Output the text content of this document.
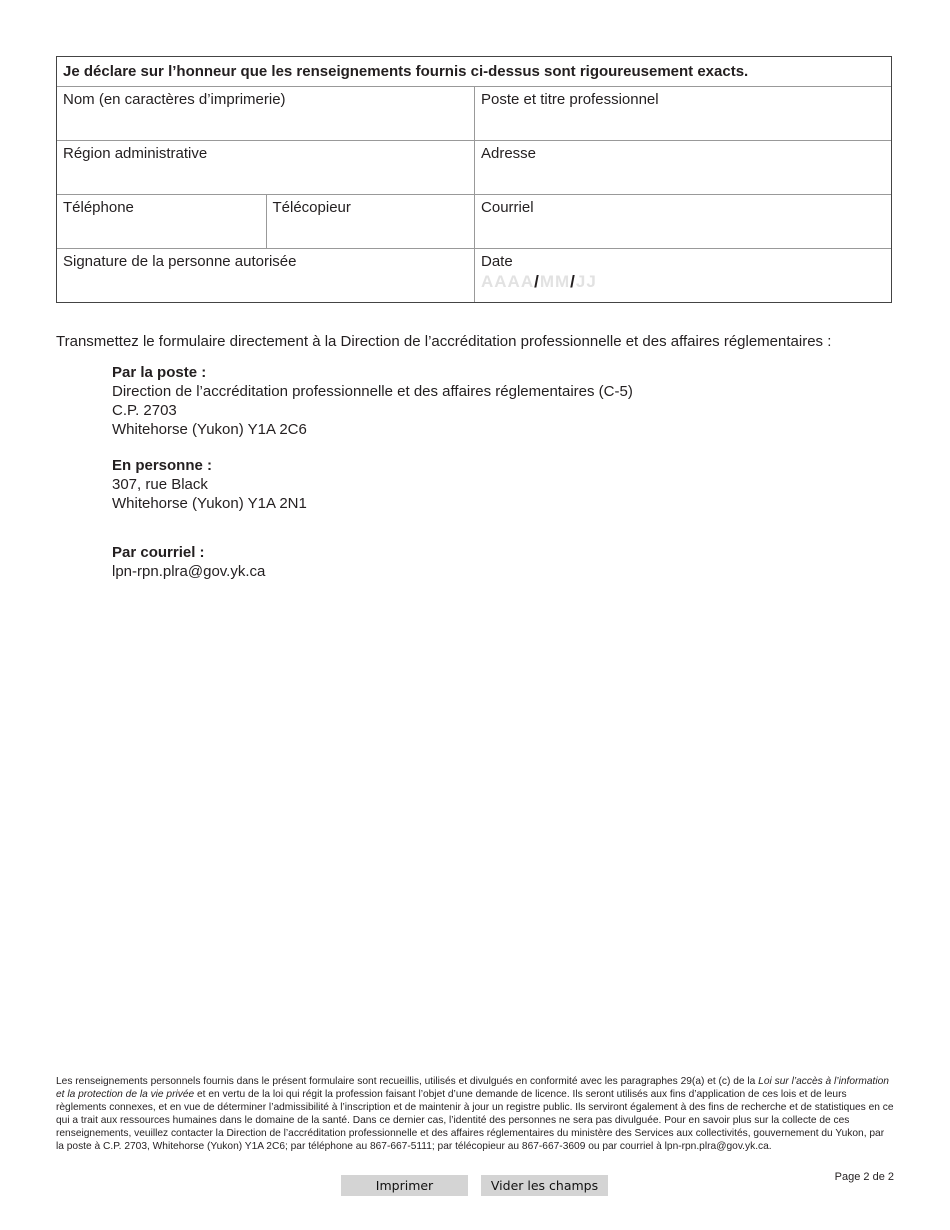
Je déclare sur l’honneur que les renseignements fournis ci-dessus sont rigoureusement exacts.
Nom (en caractères d’imprimerie)	Poste et titre professionnel
Région administrative	Adresse
Téléphone	Télécopieur	Courriel
Signature de la personne autorisée	Date
AAAA/MM/JJ

Transmettez le formulaire directement à la Direction de l’accréditation professionnelle et des affaires réglementaires :

Par la poste :
Direction de l’accréditation professionnelle et des affaires réglementaires (C-5)
C.P. 2703
Whitehorse (Yukon) Y1A 2C6
En personne :
307, rue Black
Whitehorse (Yukon) Y1A 2N1
Par courriel :
lpn-rpn.plra@gov.yk.ca

Les renseignements personnels fournis dans le présent formulaire sont recueillis, utilisés et divulgués en conformité avec les paragraphes 29(a) et (c) de la Loi sur l’accès à l’information et la protection de la vie privée et en vertu de la loi qui régit la profession faisant l’objet d’une demande de licence. Ils seront utilisés aux fins d’application de ces lois et de leurs règlements connexes, et en vue de déterminer l’admissibilité à l’inscription et de maintenir à jour un registre public. Ils serviront également à des fins de recherche et de statistiques en ce qui a trait aux ressources humaines dans le domaine de la santé. Dans ce dernier cas, l’identité des personnes ne sera pas divulguée. Pour en savoir plus sur la collecte de ces renseignements, veuillez contacter la Direction de l’accréditation professionnelle et des affaires réglementaires du ministère des Services aux collectivités, gouvernement du Yukon, par la poste à C.P. 2703, Whitehorse (Yukon) Y1A 2C6; par téléphone au 867-667-5111; par télécopieur au 867-667-3609 ou par courriel à lpn-rpn.plra@gov.yk.ca.

Imprimer	Vider les champs
Page 2 de 2
